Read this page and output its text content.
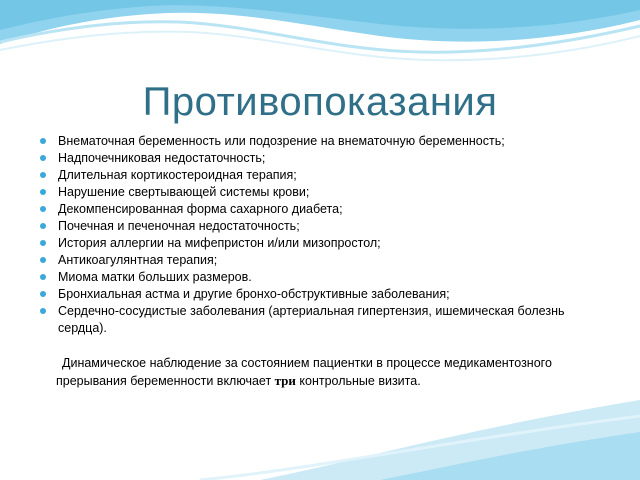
Противопоказания
Внематочная беременность или подозрение на внематочную беременность;
Надпочечниковая недостаточность;
Длительная кортикостероидная терапия;
Нарушение свертывающей системы крови;
Декомпенсированная форма сахарного диабета;
Почечная и печеночная недостаточность;
История аллергии на мифепристон и/или мизопростол;
Антикоагулянтная терапия;
Миома матки больших размеров.
Бронхиальная астма и другие бронхо-обструктивные заболевания;
Сердечно-сосудистые заболевания (артериальная гипертензия, ишемическая болезнь сердца).
Динамическое наблюдение за состоянием пациентки в процессе медикаментозного прерывания беременности включает три контрольные визита.
